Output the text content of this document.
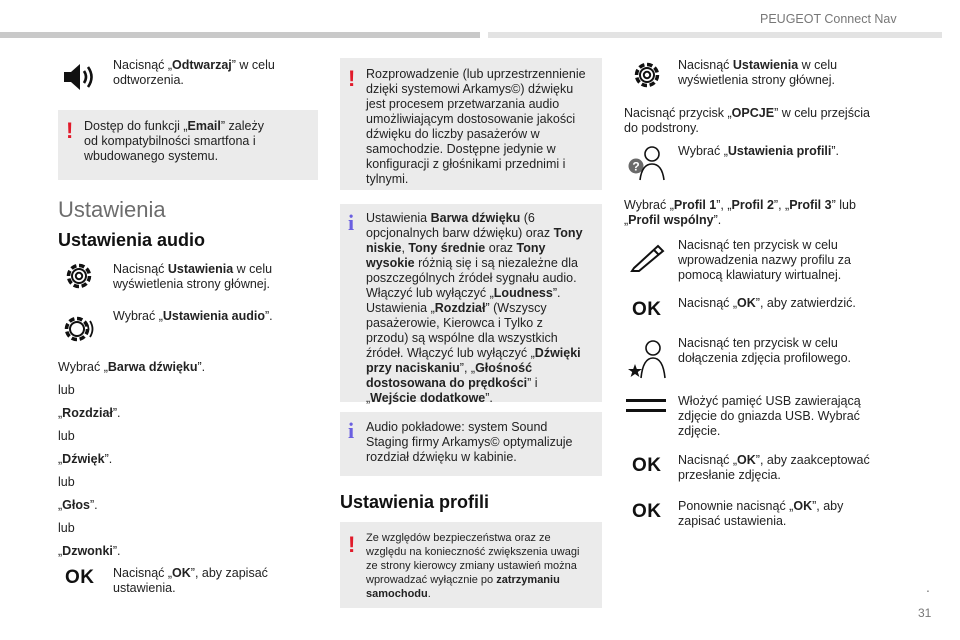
PEUGEOT Connect Nav
Nacisnąć „Odtwarzaj” w celu odtworzenia.
! Dostęp do funkcji „Email” zależy od kompatybilności smartfona i wbudowanego systemu.
Ustawienia
Ustawienia audio
Nacisnąć Ustawienia w celu wyświetlenia strony głównej.
Wybrać „Ustawienia audio”.
Wybrać „Barwa dźwięku”.
lub
„Rozdział”.
lub
„Dźwięk”.
lub
„Głos”.
lub
„Dzwonki”.
OK Nacisnąć „OK”, aby zapisać ustawienia.
! Rozprowadzenie (lub uprzestrzennienie dzięki systemowi Arkamys©) dźwięku jest procesem przetwarzania audio umożliwiającym dostosowanie jakości dźwięku do liczby pasażerów w samochodzie. Dostępne jedynie w konfiguracji z głośnikami przednimi i tylnymi.
i Ustawienia Barwa dźwięku (6 opcjonalnych barw dźwięku) oraz Tony niskie, Tony średnie oraz Tony wysokie różnią się i są niezależne dla poszczególnych źródeł sygnału audio. Włączyć lub wyłączyć „Loudness”. Ustawienia „Rozdział” (Wszyscy pasażerowie, Kierowca i Tylko z przodu) są wspólne dla wszystkich źródeł. Włączyć lub wyłączyć „Dźwięki przy naciskaniu”, „Głośność dostosowana do prędkości” i „Wejście dodatkowe”.
i Audio pokładowe: system Sound Staging firmy Arkamys© optymalizuje rozdział dźwięku w kabinie.
Ustawienia profili
! Ze względów bezpieczeństwa oraz ze względu na konieczność zwiększenia uwagi ze strony kierowcy zmiany ustawień można wprowadzać wyłącznie po zatrzymaniu samochodu.
Nacisnąć Ustawienia w celu wyświetlenia strony głównej.
Nacisnąć przycisk „OPCJE” w celu przejścia do podstrony.
?
Wybrać „Ustawienia profili”.
Wybrać „Profil 1”, „Profil 2”, „Profil 3” lub „Profil wspólny”.
Nacisnąć ten przycisk w celu wprowadzenia nazwy profilu za pomocą klawiatury wirtualnej.
OK Nacisnąć „OK”, aby zatwierdzić.
Nacisnąć ten przycisk w celu dołączenia zdjęcia profilowego.
Włożyć pamięć USB zawierającą zdjęcie do gniazda USB. Wybrać zdjęcie.
OK Nacisnąć „OK”, aby zaakceptować przesłanie zdjęcia.
OK Ponownie nacisnąć „OK”, aby zapisać ustawienia.
.
31
